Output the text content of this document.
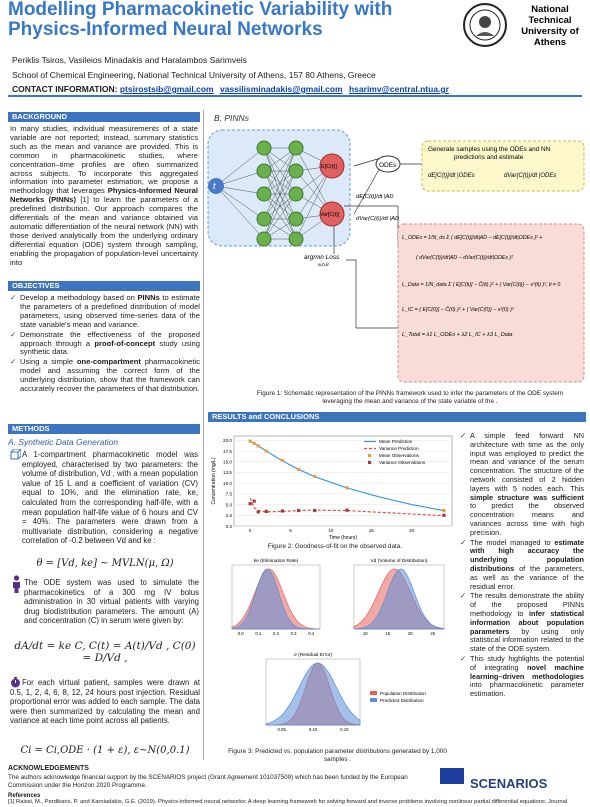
Modelling Pharmacokinetic Variability with Physics-Informed Neural Networks
National Technical University of Athens
Periklis Tsiros, Vasileios Minadakis and Haralambos Sarimveis
School of Chemical Engineering, National Technical University of Athens, 157 80 Athens, Greece
CONTACT INFORMATION: ptsirostsib@gmail.com vassilisminadakis@gmail.com hsarimv@central.ntua.gr
BACKGROUND
In many studies, individual measurements of a state variable are not reported; instead, summary statistics such as the mean and variance are provided. This is common in pharmacokinetic studies, where concentration–time profiles are often summarized across subjects. To incorporate this aggregated information into parameter estimation, we propose a methodology that leverages Physics-Informed Neural Networks (PINNs) [1] to learn the parameters of a predefined distribution. Our approach compares the differentials of the mean and variance obtained via automatic differentiation of the neural network (NN) with those derived analytically from the underlying ordinary differential equation (ODE) system through sampling, enabling the propagation of population-level uncertainty into
OBJECTIVES
✓ Develop a methodology based on PINNs to estimate the parameters of a predefined distribution of model parameters, using observed time-series data of the state variable's mean and variance.
✓ Demonstrate the effectiveness of the proposed approach through a proof-of-concept study using synthetic data.
✓ Using a simple one-compartment pharmacokinetic model and assuming the correct form of the underlying distribution, show that the framework can accurately recover the parameters of that distribution.
METHODS
A. Synthetic Data Generation
A 1-compartment pharmacokinetic model was employed, characterised by two parameters: the volume of distribution, Vd , with a mean population value of 15 L and a coefficient of variation (CV) equal to 10%, and the elimination rate, ke, calculated from the corresponding half-life, with a mean population half-life value of 6 hours and CV = 40%. The parameters were drawn from a multivariate distribution, considering a negative correlation of -0.2 between Vd and ke :
θ = [Vd, ke] ~ MVLN(μ, Ω)
The ODE system was used to simulate the pharmacokinetics of a 300 mg IV bolus administration in 30 virtual patients with varying drug biodistribution parameters. The amount (A) and concentration (C) in serum were given by:
dA/dt = ke C, C(t) = A(t)/Vd , C(0) = D/Vd ,
For each virtual patient, samples were drawn at 0.5, 1, 2, 4, 6, 8, 12, 24 hours post injection. Residual proportional error was added to each sample. The data were then summarized by calculating the mean and variance at each time point across all patients.
Ci = Ci,ODE · (1 + ε), ε~N(0,0.1)
B. PINNs
t
E[C(t)]
Var[C(t)]
ODEs
Generate samples using the ODEs and NN
predictions and estimate
dE[C(t)]/dt |ODEs	dVar(C(t))/dt |ODEs
dE[C(t)]/dt |AD
dVar(C(t))/dt |AD
L_ODEs = 1/N_ds Σ ( dE[C(t)]/dt|AD − dE[C(t)]/dt|ODEs )² +
( dVar(C(t))/dt|AD − dVar(C(t))/dt|ODEs )²
L_Data = 1/N_data Σ ( E[C(ti)] − Ĉ(ti) )² + ( Var(C(ti)) − s²(ti) )², ti ≠ 0
L_IC = ( E[C(0)] − Ĉ(0) )² + ( Var(C(0)) − s²(0) )²
L_Total = λ1 L_ODEs + λ2 L_IC + λ3 L_Data
argmin Loss
w,b,θ
Figure 1: Schematic representation of the PINNs framework used to infer the parameters of the ODE system leveraging the mean and variance of the state variable of the .
RESULTS and CONCLUSIONS
0.0
2.5
5.0
7.5
10.0
12.5
15.0
17.5
20.0
0	5	10	15	20
Time (hours)
Concentration (mg/L)
Mean Prediction
Variance Prediction
Mean Observations
Variance Observations
Figure 2: Goodness-of-fit on the observed data.
ke (Elimination Rate)
0.0	0.1	0.2	0.3	0.4
Vd (Volume of Distribution)
10	15	20	25
σ (Residual Error)
0.05	0.10	0.15
Population Distribution
Predicted Distribution
Figure 3: Predicted vs. population parameter distributions generated by 1,000 samples .
✓ A simple feed forward NN architecture with time as the only input was employed to predict the mean and variance of the serum concentration. The structure of the network consisted of 2 hidden layers with 5 nodes each. This simple structure was sufficient to predict the observed concentration means and variances across time with high precision.
✓ The model managed to estimate with high accuracy the underlying population distributions of the parameters, as well as the variance of the residual error.
✓ The results demonstrate the ability of the proposed PINNs methodology to infer statistical information about population parameters by using only statistical information related to the state of the ODE system.
✓ This study highlights the potential of integrating novel machine learning–driven methodologies into pharmacokinetic parameter estimation.
ACKNOWLEDGEMENTS
The authors acknowledge financial support by the SCENARIOS project (Grant Agreement 101037509) which has been funded by the European Commission under the Horizon 2020 Programme.
References
[1] Raissi, M., Perdikaris, P. and Karniadakis, G.E. (2019). Physics-informed neural networks: A deep learning framework for solving forward and inverse problems involving nonlinear partial differential equations. Journal
SCENARIOS
